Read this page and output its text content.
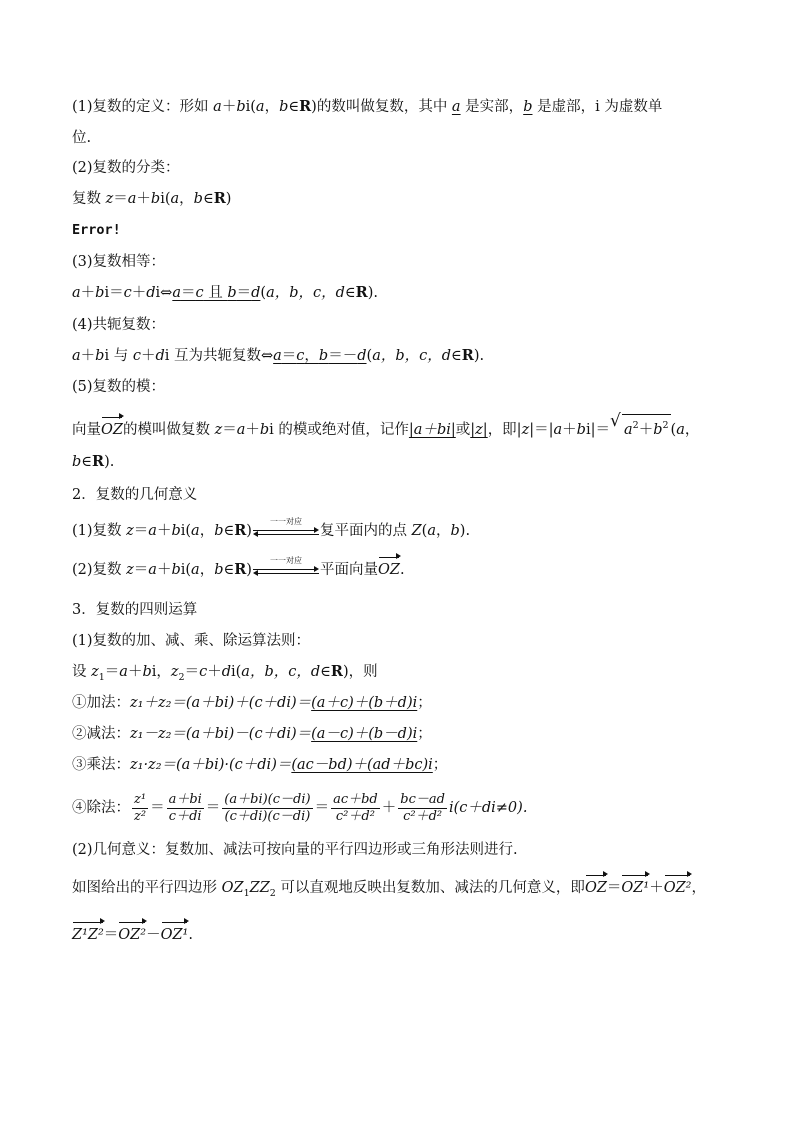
(1)复数的定义：形如 a＋bi(a，b∈R)的数叫做复数，其中 a 是实部，b 是虚部，i 为虚数单
位.
(2)复数的分类：
复数 z＝a＋bi(a，b∈R)
Error!
(3)复数相等：
a＋bi＝c＋di⇔a＝c 且 b＝d(a，b，c，d∈R).
(4)共轭复数：
a＋bi 与 c＋di 互为共轭复数⇔a＝c，b＝－d(a，b，c，d∈R).
(5)复数的模：
向量OZ的模叫做复数 z＝a＋bi 的模或绝对值，记作|a＋bi|或|z|，即|z|＝|a＋bi|＝ √ $a^2+b^2$ (a，
b∈R).
2．复数的几何意义
(1)复数 z＝a＋bi(a，b∈R)
一一对应
复平面内的点 Z(a，b).
(2)复数 z＝a＋bi(a，b∈R)
一一对应
平面向量OZ.
3．复数的四则运算
(1)复数的加、减、乘、除运算法则：
设 $z_1=a+bi$，$z_2=c+di(a$，b，c，d∈R)，则
①加法：z₁＋z₂＝(a＋bi)＋(c＋di)＝(a＋c)＋(b＋d)i；
②减法：z₁－z₂＝(a＋bi)－(c＋di)＝(a－c)＋(b－d)i；
③乘法：z₁·z₂＝(a＋bi)·(c＋di)＝(ac－bd)＋(ad＋bc)i；
④除法： $\frac{\text{z¹}}{\text{z²}} = \frac{a+bi}{c+di} = \frac{(a+bi)(c-di)}{(c+di)(c-di)} = \frac{ac+bd}{\text{c²＋d²}} + \frac{bc-ad}{\text{c²＋d²}} i(c+di\ne 0)$.
(2)几何意义：复数加、减法可按向量的平行四边形或三角形法则进行.
如图给出的平行四边形 $OZ_1ZZ_2$ 可以直观地反映出复数加、减法的几何意义，即OZ＝OZ¹＋OZ²，
Z¹Z²＝OZ²－OZ¹.
